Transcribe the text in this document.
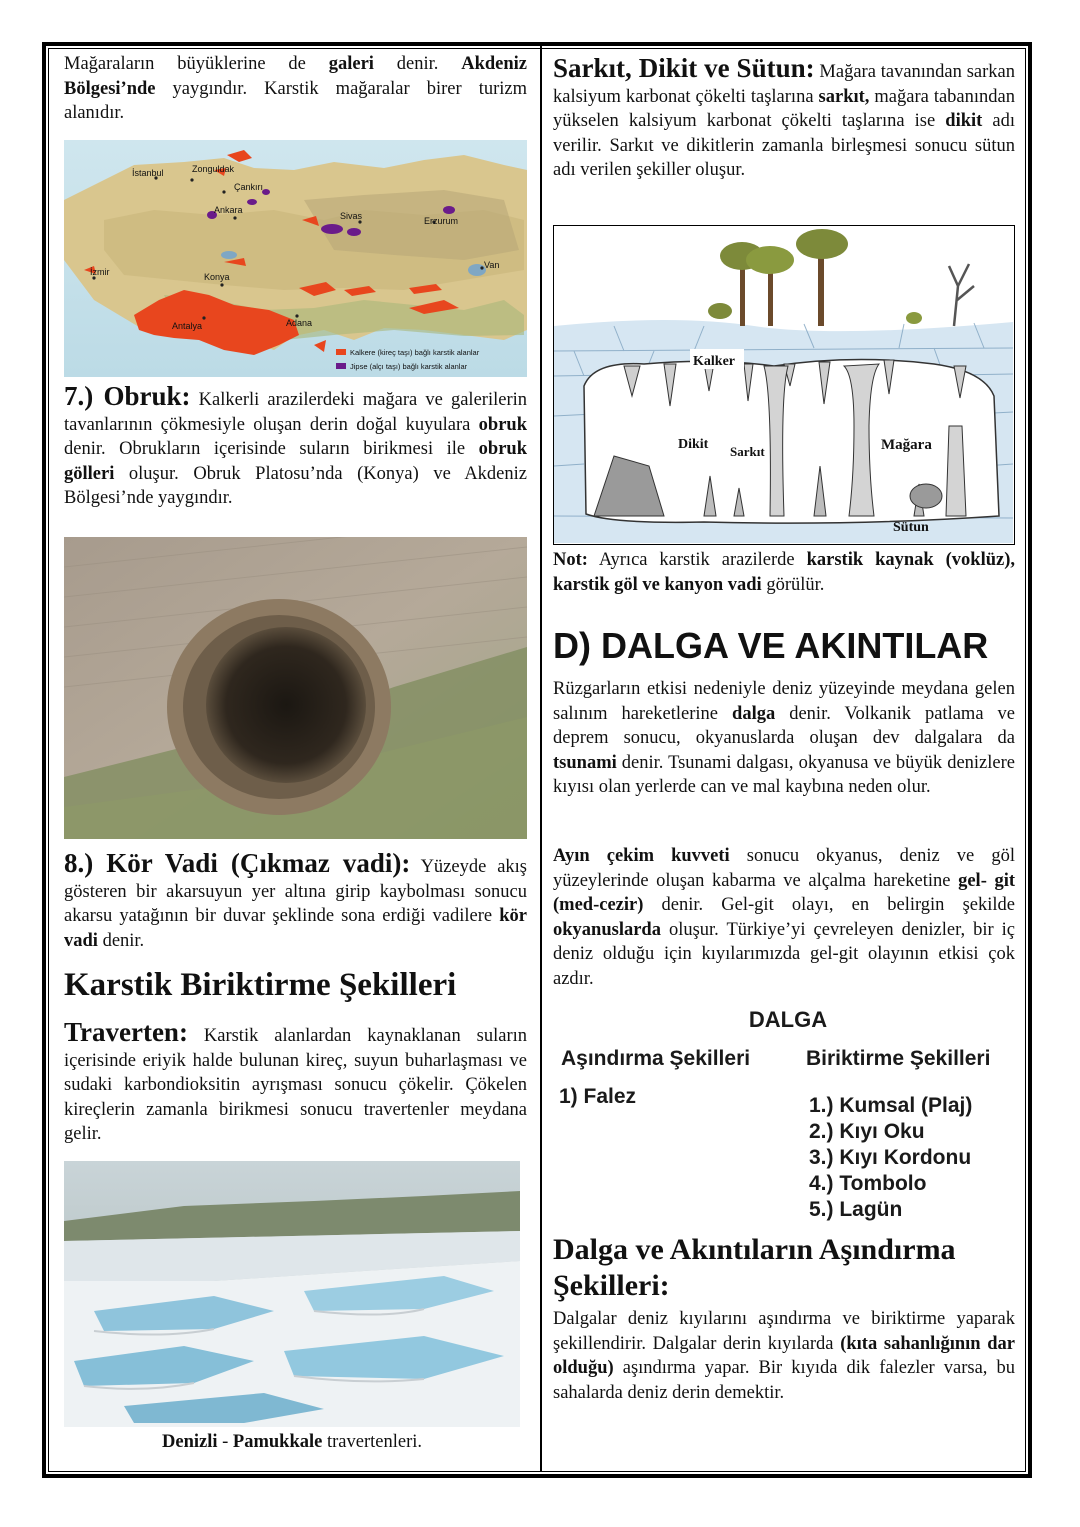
Mağaraların büyüklerine de galeri denir. Akdeniz Bölgesi’nde yaygındır. Karstik mağaralar birer turizm alanıdır.

İstanbul	Zonguldak
Çankırı
Ankara
Sivas	Erzurum
İzmir	Konya
Van
Antalya	Adana
Kalkere (kireç taşı) bağlı karstik alanlar
Jipse (alçı taşı) bağlı karstik alanlar

7.) Obruk: Kalkerli arazilerdeki mağara ve galerilerin tavanlarının çökmesiyle oluşan derin doğal kuyulara obruk denir. Obrukların içerisinde suların birikmesi ile obruk gölleri oluşur. Obruk Platosu’nda (Konya) ve Akdeniz Bölgesi’nde yaygındır.

8.) Kör Vadi (Çıkmaz vadi): Yüzeyde akış gösteren bir akarsuyun yer altına girip kaybolması sonucu akarsu yatağının bir duvar şeklinde sona erdiği vadilere kör vadi denir.

Karstik Biriktirme Şekilleri

Traverten: Karstik alanlardan kaynaklanan suların içerisinde eriyik halde bulunan kireç, suyun buharlaşması ve sudaki karbondioksitin ayrışması sonucu çökelir. Çökelen kireçlerin zamanla birikmesi sonucu travertenler meydana gelir.

Denizli - Pamukkale travertenleri.

Sarkıt, Dikit ve Sütun: Mağara tavanından sarkan kalsiyum karbonat çökelti taşlarına sarkıt, mağara tabanından yükselen kalsiyum karbonat çökelti taşlarına ise dikit adı verilir. Sarkıt ve dikitlerin zamanla birleşmesi sonucu sütun adı verilen şekiller oluşur.

Kalker
Dikit Sarkıt	Mağara
Sütun

Not: Ayrıca karstik arazilerde karstik kaynak (voklüz), karstik göl ve kanyon vadi görülür.

D) DALGA VE AKINTILAR

Rüzgarların etkisi nedeniyle deniz yüzeyinde meydana gelen salınım hareketlerine dalga denir. Volkanik patlama ve deprem sonucu, okyanuslarda oluşan dev dalgalara da tsunami denir. Tsunami dalgası, okyanusa ve büyük denizlere kıyısı olan yerlerde can ve mal kaybına neden olur.

Ayın çekim kuvveti sonucu okyanus, deniz ve göl yüzeylerinde oluşan kabarma ve alçalma hareketine gel- git (med-cezir) denir. Gel-git olayı, en belirgin şekilde okyanuslarda oluşur. Türkiye’yi çevreleyen denizler, bir iç deniz olduğu için kıyılarımızda gel-git olayının etkisi çok azdır.

DALGA
Aşındırma Şekilleri	Biriktirme Şekilleri
1) Falez	1.) Kumsal (Plaj)
2.) Kıyı Oku
3.) Kıyı Kordonu
4.) Tombolo
5.) Lagün
Dalga ve Akıntıların Aşındırma Şekilleri:

Dalgalar deniz kıyılarını aşındırma ve biriktirme yaparak şekillendirir. Dalgalar derin kıyılarda (kıta sahanlığının dar olduğu) aşındırma yapar. Bir kıyıda dik falezler varsa, bu sahalarda deniz derin demektir.
